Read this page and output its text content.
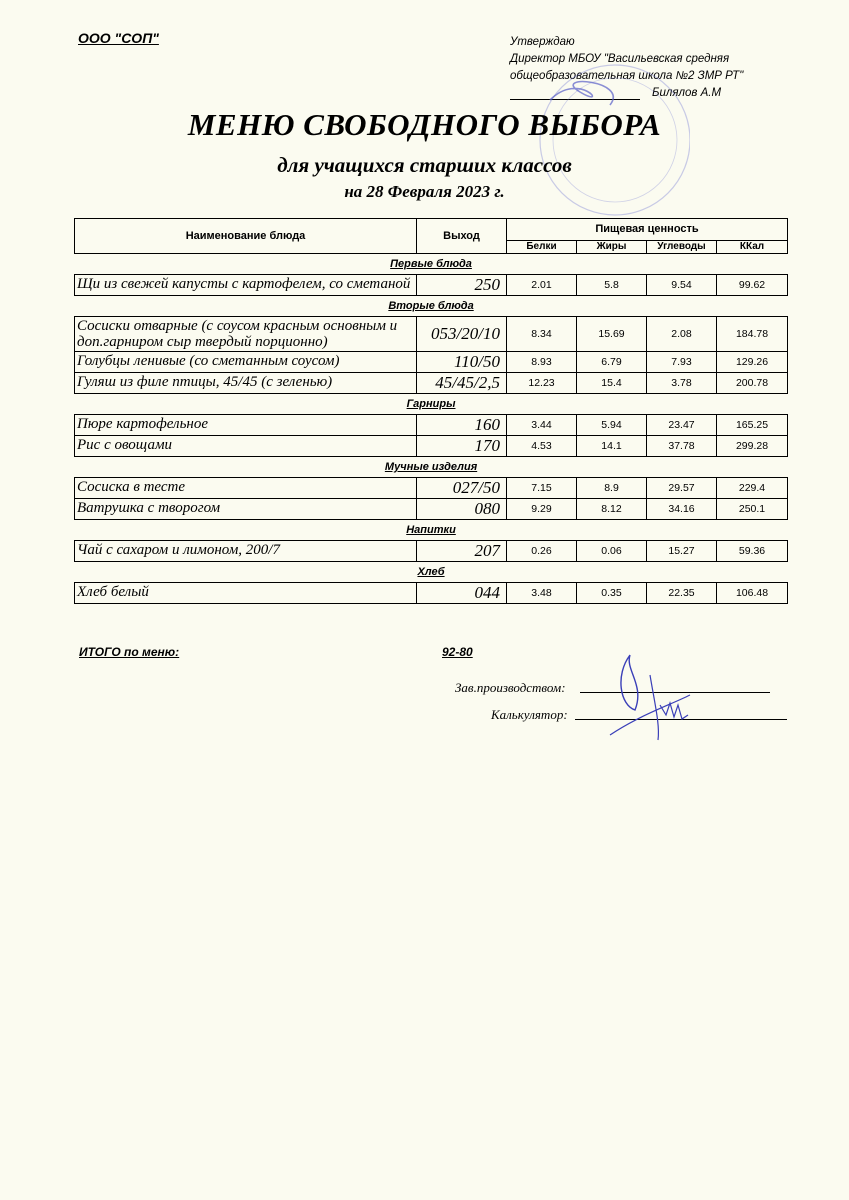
ООО "СОП"	Утверждаю
Директор МБОУ "Васильевская средняя
общеобразовательная школа №2 ЗМР РТ"
Билялов А.М
МЕНЮ СВОБОДНОГО ВЫБОРА
для учащихся старших классов
на 28 Февраля 2023 г.
Наименование блюда	Выход	Пищевая ценность			
		Белки	Жиры	Углеводы	ККал
Первые блюда					
Щи из свежей капусты с картофелем, со сметаной	250	2.01	5.8	9.54	99.62
Вторые блюда					
Сосиски отварные (с соусом красным основным и доп.гарниром сыр твердый порционно)	053/20/10	8.34	15.69	2.08	184.78
Голубцы ленивые (со сметанным соусом)	110/50	8.93	6.79	7.93	129.26
Гуляш из филе птицы, 45/45 (с зеленью)	45/45/2,5	12.23	15.4	3.78	200.78
Гарниры					
Пюре картофельное	160	3.44	5.94	23.47	165.25
Рис с овощами	170	4.53	14.1	37.78	299.28
Мучные изделия					
Сосиска в тесте	027/50	7.15	8.9	29.57	229.4
Ватрушка с творогом	080	9.29	8.12	34.16	250.1
Напитки					
Чай с сахаром и лимоном, 200/7	207	0.26	0.06	15.27	59.36
Хлеб					
Хлеб белый	044	3.48	0.35	22.35	106.48
ИТОГО по меню:	92-80
Зав.производством:
Калькулятор:
